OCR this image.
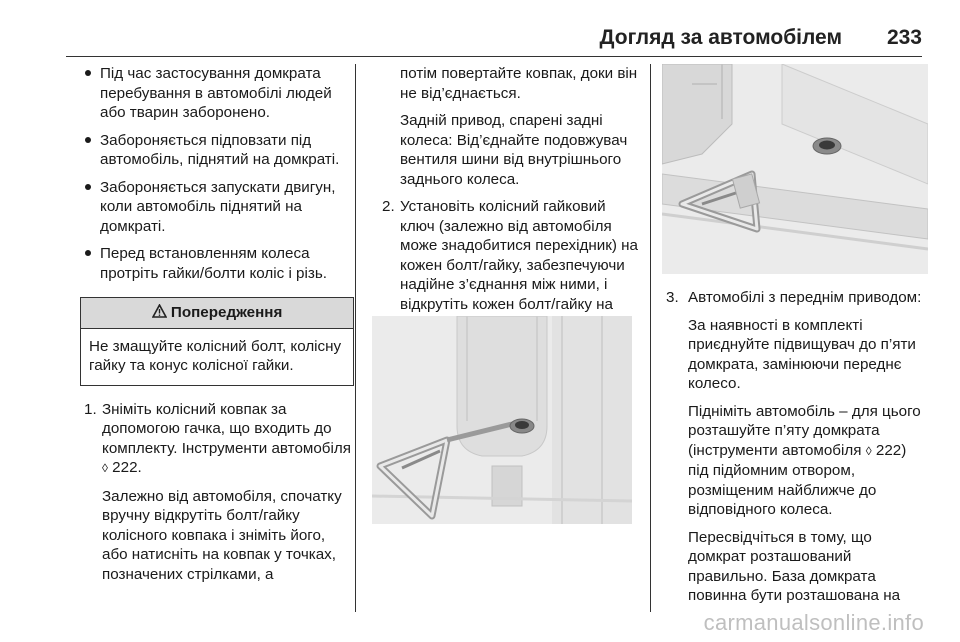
Догляд за автомобілем 233
Під час застосування домкрата перебування в автомобілі людей або тварин заборонено.
Забороняється підповзати під автомобіль, піднятий на домкраті.
Забороняється запускати двигун, коли автомобіль піднятий на домкраті.
Перед встановленням колеса протріть гайки/болти коліс і різь.
Попередження
Не змащуйте колісний болт, колісну гайку та конус колісної гайки.
1. Зніміть колісний ковпак за допомогою гачка, що входить до комплекту. Інструменти автомобіля ◊ 222.

Залежно від автомобіля, спочатку вручну відкрутіть болт/гайку колісного ковпака і зніміть його, або натисніть на ковпак у точках, позначених стрілками, а

потім повертайте ковпак, доки він не від’єднається.

Задній привод, спарені задні колеса: Від’єднайте подовжувач вентиля шини від внутрішнього заднього колеса.

2. Установіть колісний гайковий ключ (залежно від автомобіля може знадобитися перехідник) на кожен болт/гайку, забезпечуючи надійне з’єднання між ними, і відкрутіть кожен болт/гайку на	3. Автомобілі з переднім приводом:

За наявності в комплекті приєднуйте підвищувач до п’яти домкрата, замінюючи переднє колесо.

Підніміть автомобіль – для цього розташуйте п’яту домкрата (інструменти автомобіля ◊ 222) під підйомним отвором, розміщеним найближче до відповідного колеса.

Пересвідчіться в тому, що домкрат розташований правильно. База домкрата повинна бути розташована на

carmanualsonline.info
